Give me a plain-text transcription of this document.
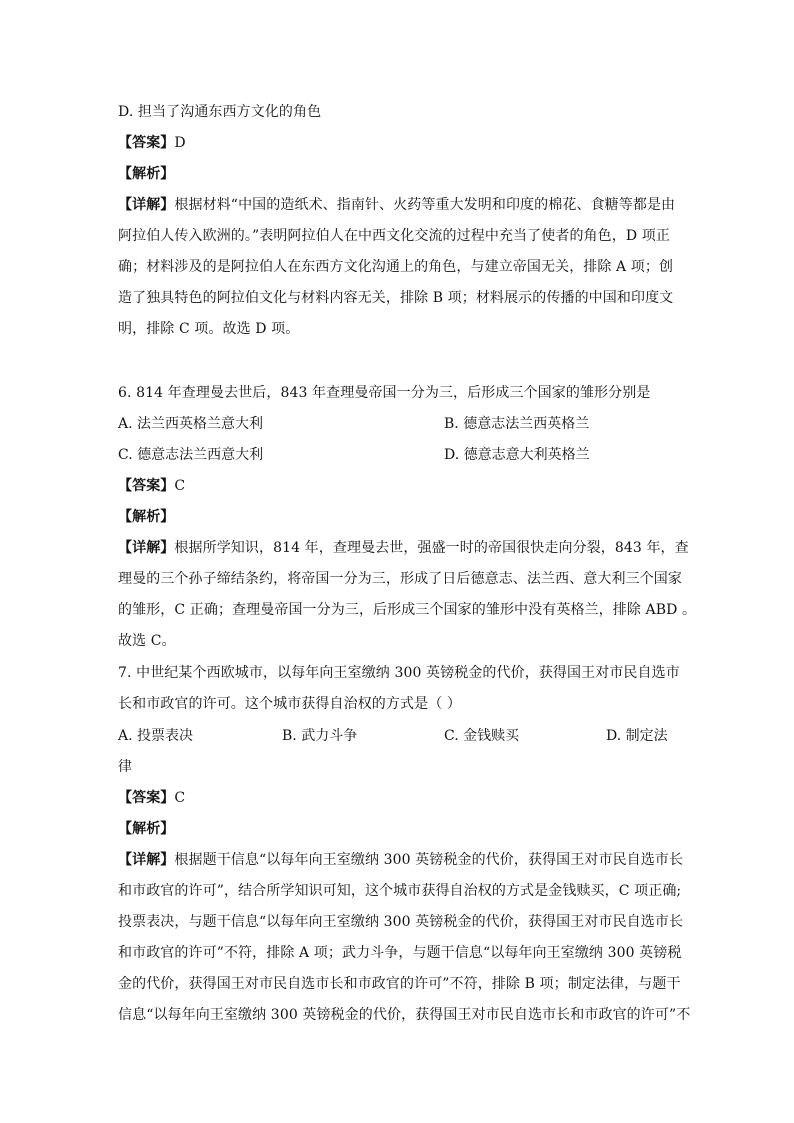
D. 担当了沟通东西方文化的角色
【答案】D
【解析】
【详解】根据材料“中国的造纸术、指南针、火药等重大发明和印度的棉花、食糖等都是由
阿拉伯人传入欧洲的。”表明阿拉伯人在中西文化交流的过程中充当了使者的角色，D 项正
确；材料涉及的是阿拉伯人在东西方文化沟通上的角色，与建立帝国无关，排除 A 项；创
造了独具特色的阿拉伯文化与材料内容无关，排除 B 项；材料展示的传播的中国和印度文
明，排除 C 项。故选 D 项。
6. 814 年查理曼去世后，843 年查理曼帝国一分为三，后形成三个国家的雏形分别是
A. 法兰西英格兰意大利	B. 德意志法兰西英格兰
C. 德意志法兰西意大利	D. 德意志意大利英格兰
【答案】C
【解析】
【详解】根据所学知识，814 年，查理曼去世，强盛一时的帝国很快走向分裂，843 年，查
理曼的三个孙子缔结条约，将帝国一分为三，形成了日后德意志、法兰西、意大利三个国家
的雏形，C 正确；查理曼帝国一分为三，后形成三个国家的雏形中没有英格兰，排除 ABD 。
故选 C。
7. 中世纪某个西欧城市，以每年向王室缴纳 300 英镑税金的代价，获得国王对市民自选市
长和市政官的许可。这个城市获得自治权的方式是（ ）
A. 投票表决	B. 武力斗争	C. 金钱赎买	D. 制定法
律
【答案】C
【解析】
【详解】根据题干信息“以每年向王室缴纳 300 英镑税金的代价，获得国王对市民自选市长
和市政官的许可”，结合所学知识可知，这个城市获得自治权的方式是金钱赎买，C 项正确;
投票表决，与题干信息“以每年向王室缴纳 300 英镑税金的代价，获得国王对市民自选市长
和市政官的许可”不符，排除 A 项；武力斗争，与题干信息“以每年向王室缴纳 300 英镑税
金的代价，获得国王对市民自选市长和市政官的许可”不符，排除 B 项；制定法律，与题干
信息“以每年向王室缴纳 300 英镑税金的代价，获得国王对市民自选市长和市政官的许可”不
